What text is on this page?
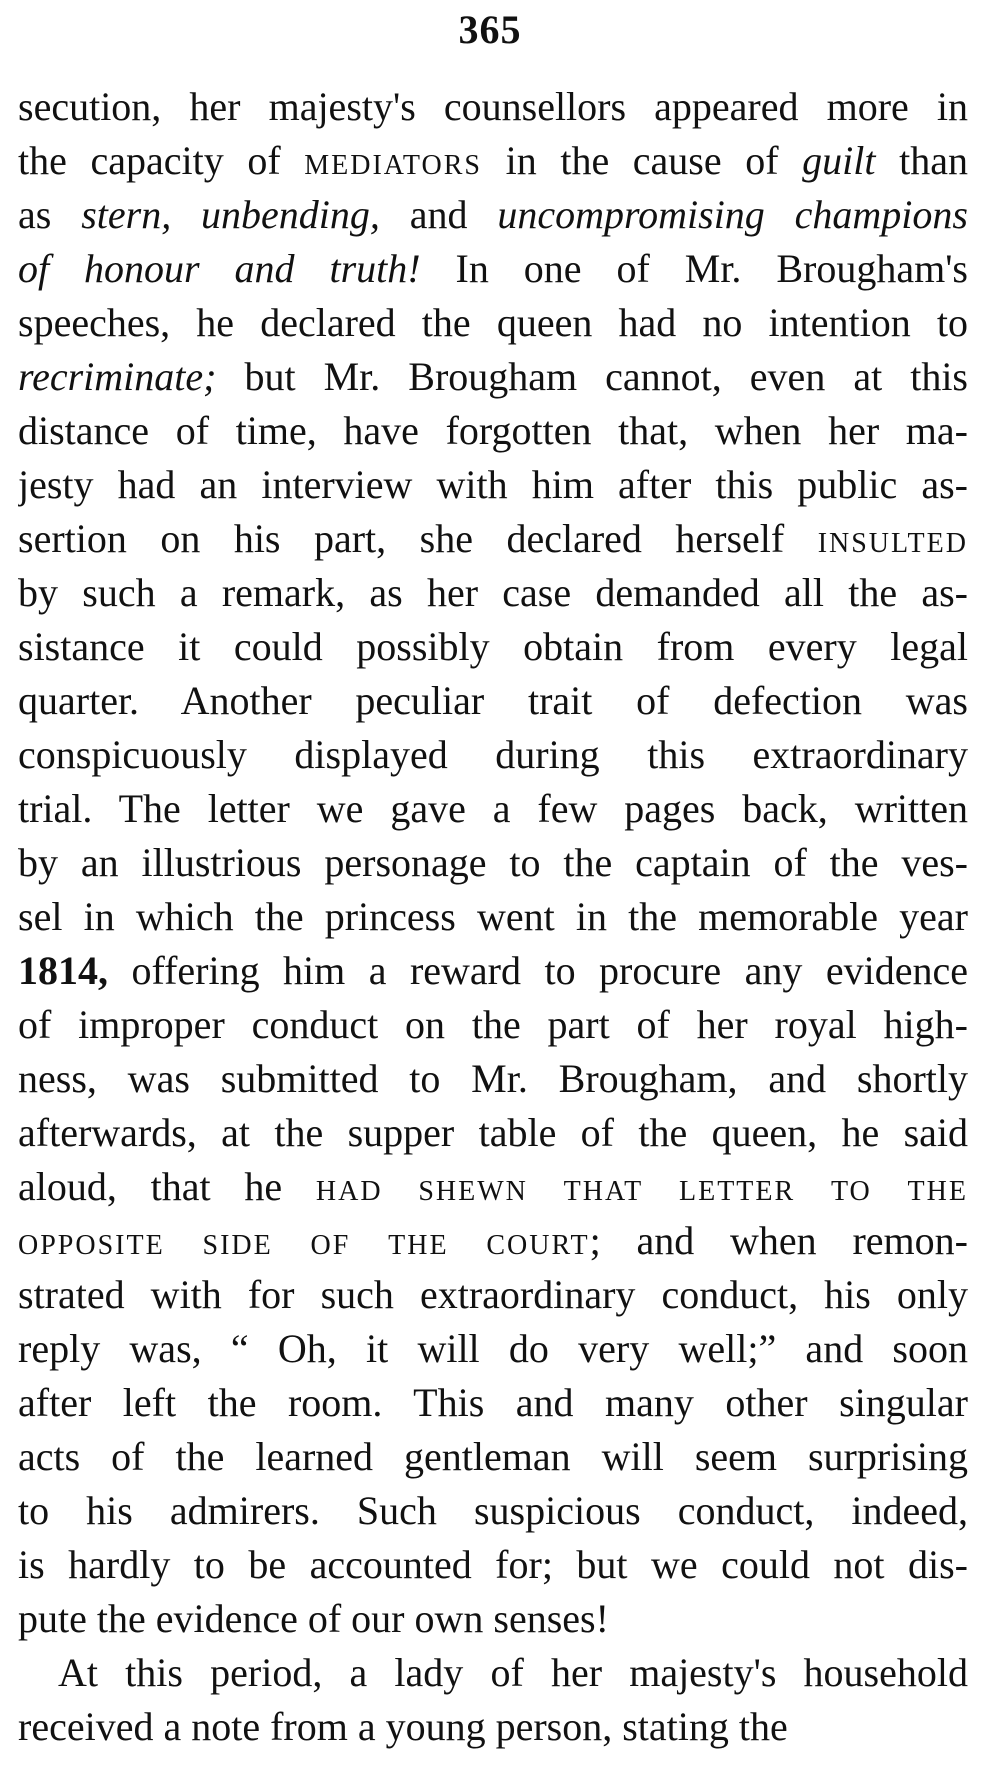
365
secution, her majesty's counsellors appeared more in
the capacity of mediators in the cause of guilt than
as stern, unbending, and uncompromising champions
of honour and truth! In one of Mr. Brougham's
speeches, he declared the queen had no intention to
recriminate; but Mr. Brougham cannot, even at this
distance of time, have forgotten that, when her ma-
jesty had an interview with him after this public as-
sertion on his part, she declared herself insulted
by such a remark, as her case demanded all the as-
sistance it could possibly obtain from every legal
quarter. Another peculiar trait of defection was
conspicuously displayed during this extraordinary
trial. The letter we gave a few pages back, written
by an illustrious personage to the captain of the ves-
sel in which the princess went in the memorable year
1814, offering him a reward to procure any evidence
of improper conduct on the part of her royal high-
ness, was submitted to Mr. Brougham, and shortly
afterwards, at the supper table of the queen, he said
aloud, that he had shewn that letter to the
opposite side of the court; and when remon-
strated with for such extraordinary conduct, his only
reply was, “ Oh, it will do very well;” and soon
after left the room. This and many other singular
acts of the learned gentleman will seem surprising
to his admirers. Such suspicious conduct, indeed,
is hardly to be accounted for; but we could not dis-
pute the evidence of our own senses!
At this period, a lady of her majesty's household
received a note from a young person, stating the
